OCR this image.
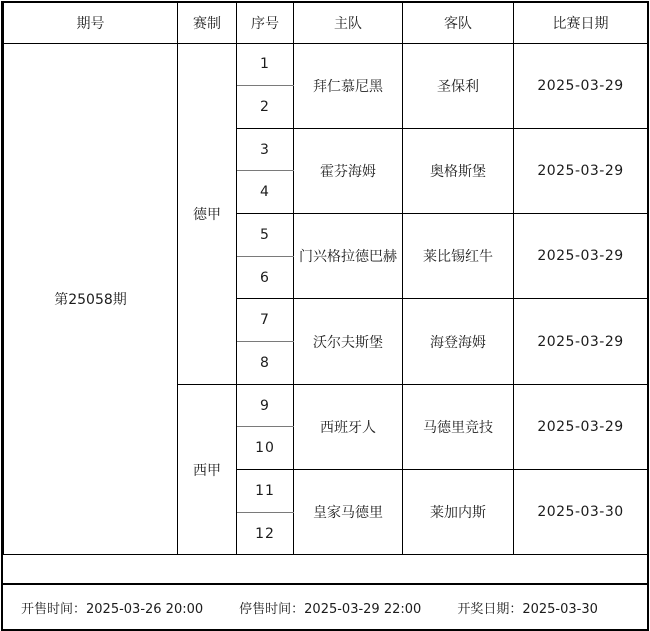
期号	赛制	序号	主队	客队	比赛日期
第25058期	德甲	1	拜仁慕尼黑	圣保利	2025-03-29
		2			
		3	霍芬海姆	奥格斯堡	2025-03-29
		4			
		5	门兴格拉德巴赫	莱比锡红牛	2025-03-29
		6			
		7	沃尔夫斯堡	海登海姆	2025-03-29
		8			
	西甲	9	西班牙人	马德里竞技	2025-03-29
		10			
		11	皇家马德里	莱加内斯	2025-03-30
		12			
开售时间：2025-03-26 20:00	停售时间：2025-03-29 22:00	开奖日期：2025-03-30
